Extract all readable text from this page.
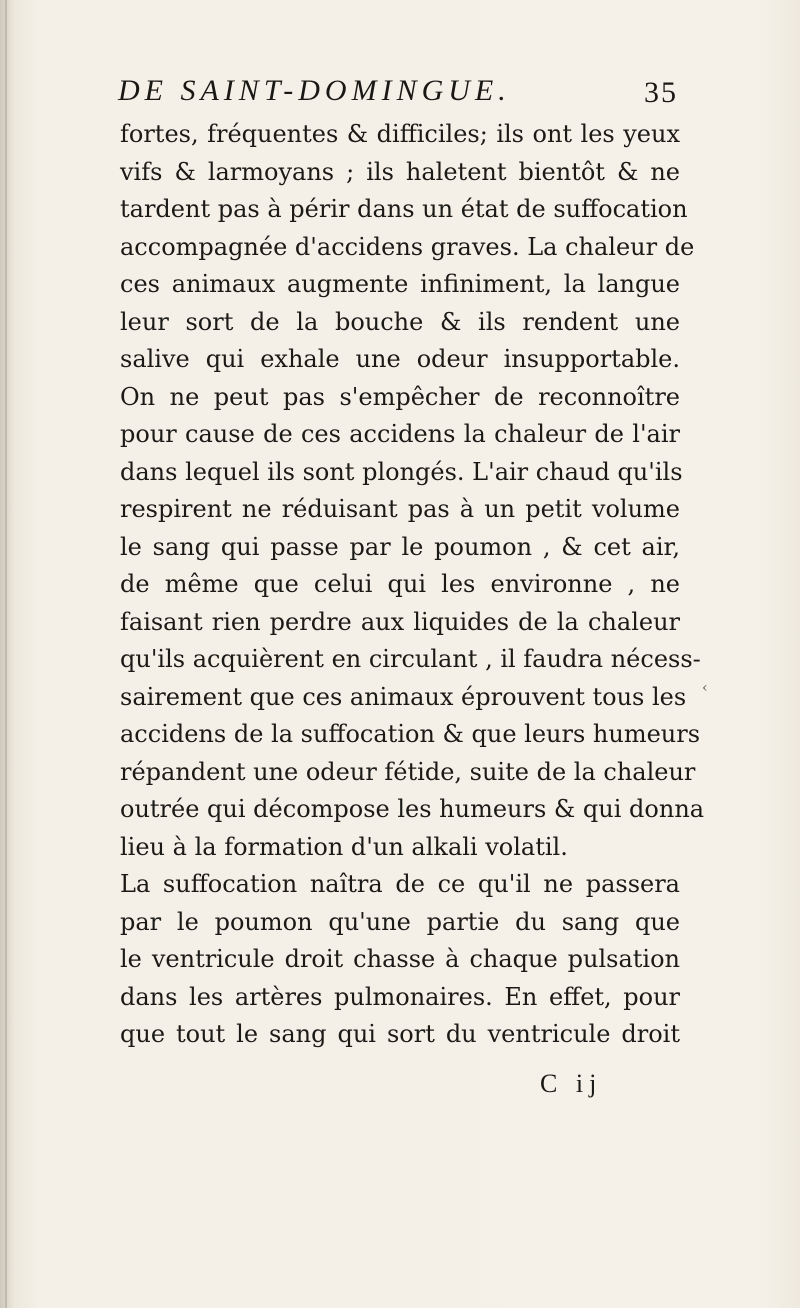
DE SAINT-DOMINGUE.	35
fortes, fréquentes & difficiles; ils ont les yeux
vifs & larmoyans ; ils haletent bientôt & ne
tardent pas à périr dans un état de suffocation
accompagnée d'accidens graves. La chaleur de
ces animaux augmente infiniment, la langue
leur sort de la bouche & ils rendent une
salive qui exhale une odeur insupportable.
On ne peut pas s'empêcher de reconnoître
pour cause de ces accidens la chaleur de l'air
dans lequel ils sont plongés. L'air chaud qu'ils
respirent ne réduisant pas à un petit volume
le sang qui passe par le poumon , & cet air,
de même que celui qui les environne , ne
faisant rien perdre aux liquides de la chaleur
qu'ils acquièrent en circulant , il faudra nécess-
sairement que ces animaux éprouvent tous les
accidens de la suffocation & que leurs humeurs
répandent une odeur fétide, suite de la chaleur
outrée qui décompose les humeurs & qui donna
lieu à la formation d'un alkali volatil.
La suffocation naîtra de ce qu'il ne passera
par le poumon qu'une partie du sang que
le ventricule droit chasse à chaque pulsation
dans les artères pulmonaires. En effet, pour
que tout le sang qui sort du ventricule droit
‹
C ij
